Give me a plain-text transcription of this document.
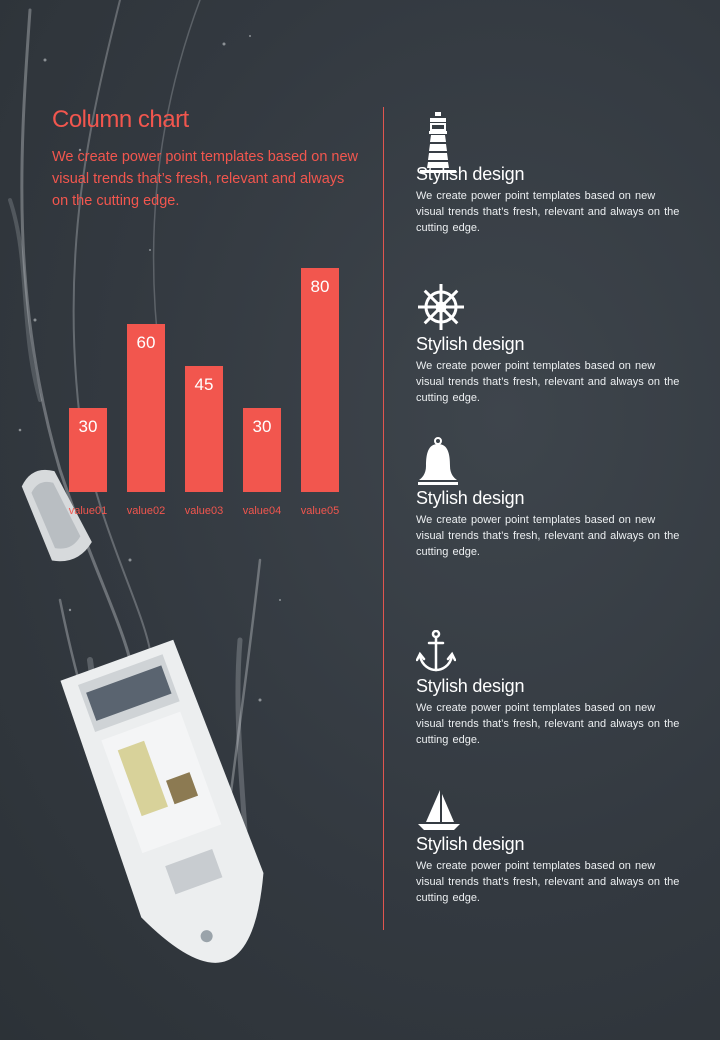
Column chart

We create power point templates based on new visual trends that’s fresh, relevant and always on the cutting edge.

30
value01
60
value02
45
value03
30
value04
80
value05
Stylish design

We create power point templates based on new visual trends that’s fresh, relevant and always on the cutting edge.

Stylish design

We create power point templates based on new visual trends that’s fresh, relevant and always on the cutting edge.

Stylish design

We create power point templates based on new visual trends that’s fresh, relevant and always on the cutting edge.

Stylish design

We create power point templates based on new visual trends that’s fresh, relevant and always on the cutting edge.

Stylish design

We create power point templates based on new visual trends that’s fresh, relevant and always on the cutting edge.
